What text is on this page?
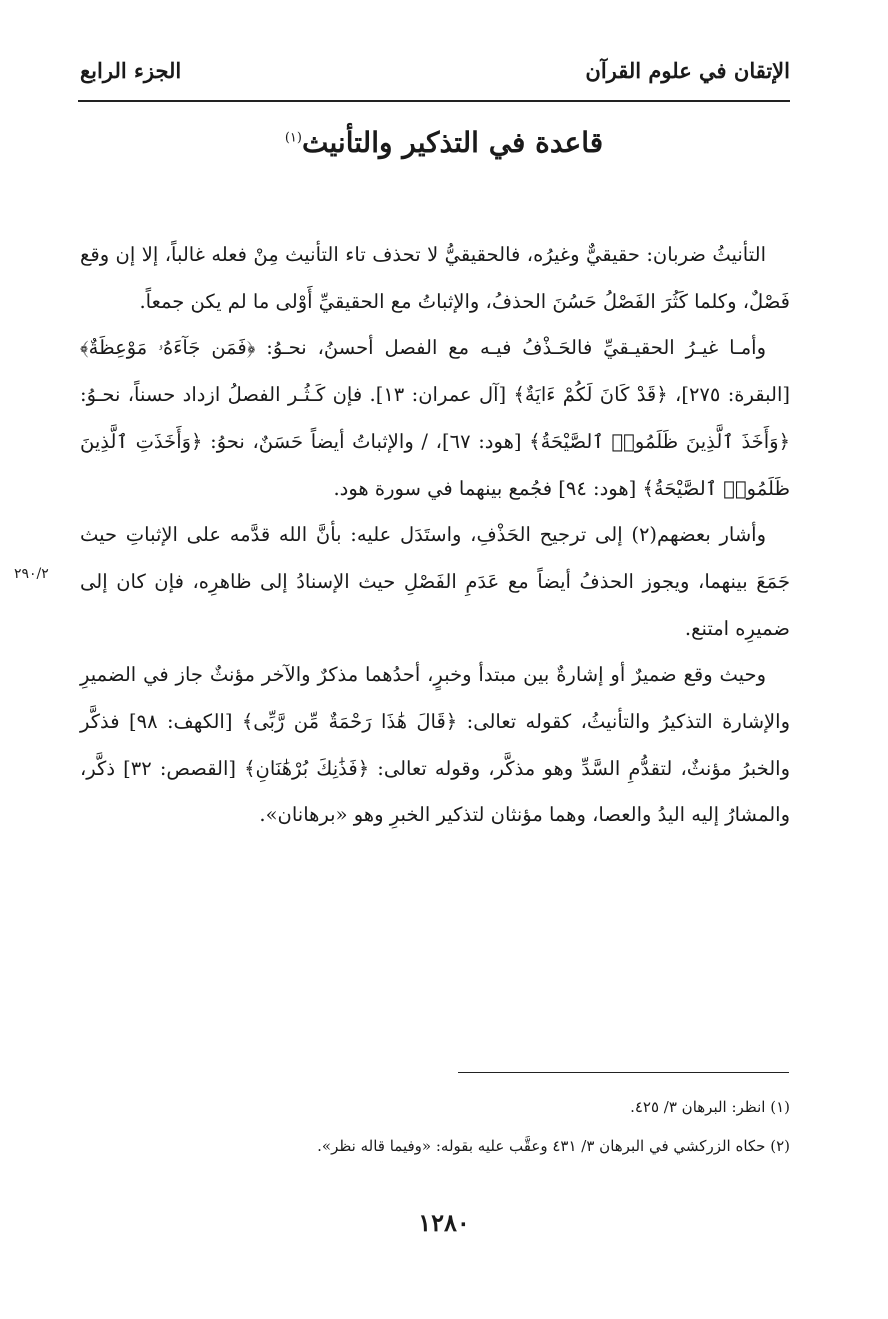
الإتقان في علوم القرآن
الجزء الرابع
قاعدة في التذكير والتأنيث$^{(١)}$

التأنيثُ ضربان: حقيقيٌّ وغيرُه، فالحقيقيُّ لا تحذف تاء التأنيث مِنْ فعله غالباً، إلا إن وقع فَصْلٌ، وكلما كَثُرَ الفَصْلُ حَسُنَ الحذفُ، والإثباتُ مع الحقيقيِّ أَوْلى ما لم يكن جمعاً.

وأمـا غيـرُ الحقيـقيِّ فالحَـذْفُ فيـه مع الفصل أحسنُ، نحـوُ: ﴿فَمَن جَآءَهُۥ مَوْعِظَةٌ﴾ [البقرة: ٢٧٥]، ﴿قَدْ كَانَ لَكُمْ ءَايَةٌ﴾ [آل عمران: ١٣]. فإن كَـثُـر الفصلُ ازداد حسناً، نحـوُ: ﴿وَأَخَذَ ٱلَّذِينَ ظَلَمُوا۟ ٱلصَّيْحَةُ﴾ [هود: ٦٧]، / والإثباتُ أيضاً حَسَنٌ، نحوُ: ﴿وَأَخَذَتِ ٱلَّذِينَ ظَلَمُوا۟ ٱلصَّيْحَةُ﴾ [هود: ٩٤] فجُمع بينهما في سورة هود.

وأشار بعضهم(٢) إلى ترجيح الحَذْفِ، واستَدَل عليه: بأنَّ الله قدَّمه على الإثباتِ حيث جَمَعَ بينهما، ويجوز الحذفُ أيضاً مع عَدَمِ الفَصْلِ حيث الإسنادُ إلى ظاهرِه، فإن كان إلى ضميرِه امتنع.

وحيث وقع ضميرٌ أو إشارةٌ بين مبتدأ وخبرٍ، أحدُهما مذكرٌ والآخر مؤنثٌ جاز في الضميرِ والإشارة التذكيرُ والتأنيثُ، كقوله تعالى: ﴿قَالَ هَٰذَا رَحْمَةٌ مِّن رَّبِّى﴾ [الكهف: ٩٨] فذكَّر والخبرُ مؤنثٌ، لتقدُّمِ السَّدِّ وهو مذكَّر، وقوله تعالى: ﴿فَذَٰنِكَ بُرْهَٰنَانِ﴾ [القصص: ٣٢] ذكَّر، والمشارُ إليه اليدُ والعصا، وهما مؤنثان لتذكير الخبرِ وهو «برهانان».

٢٩٠/٢
(١) انظر: البرهان ٣/ ٤٢٥.
(٢) حكاه الزركشي في البرهان ٣/ ٤٣١ وعقَّب عليه بقوله: «وفيما قاله نظر».
١٢٨٠
